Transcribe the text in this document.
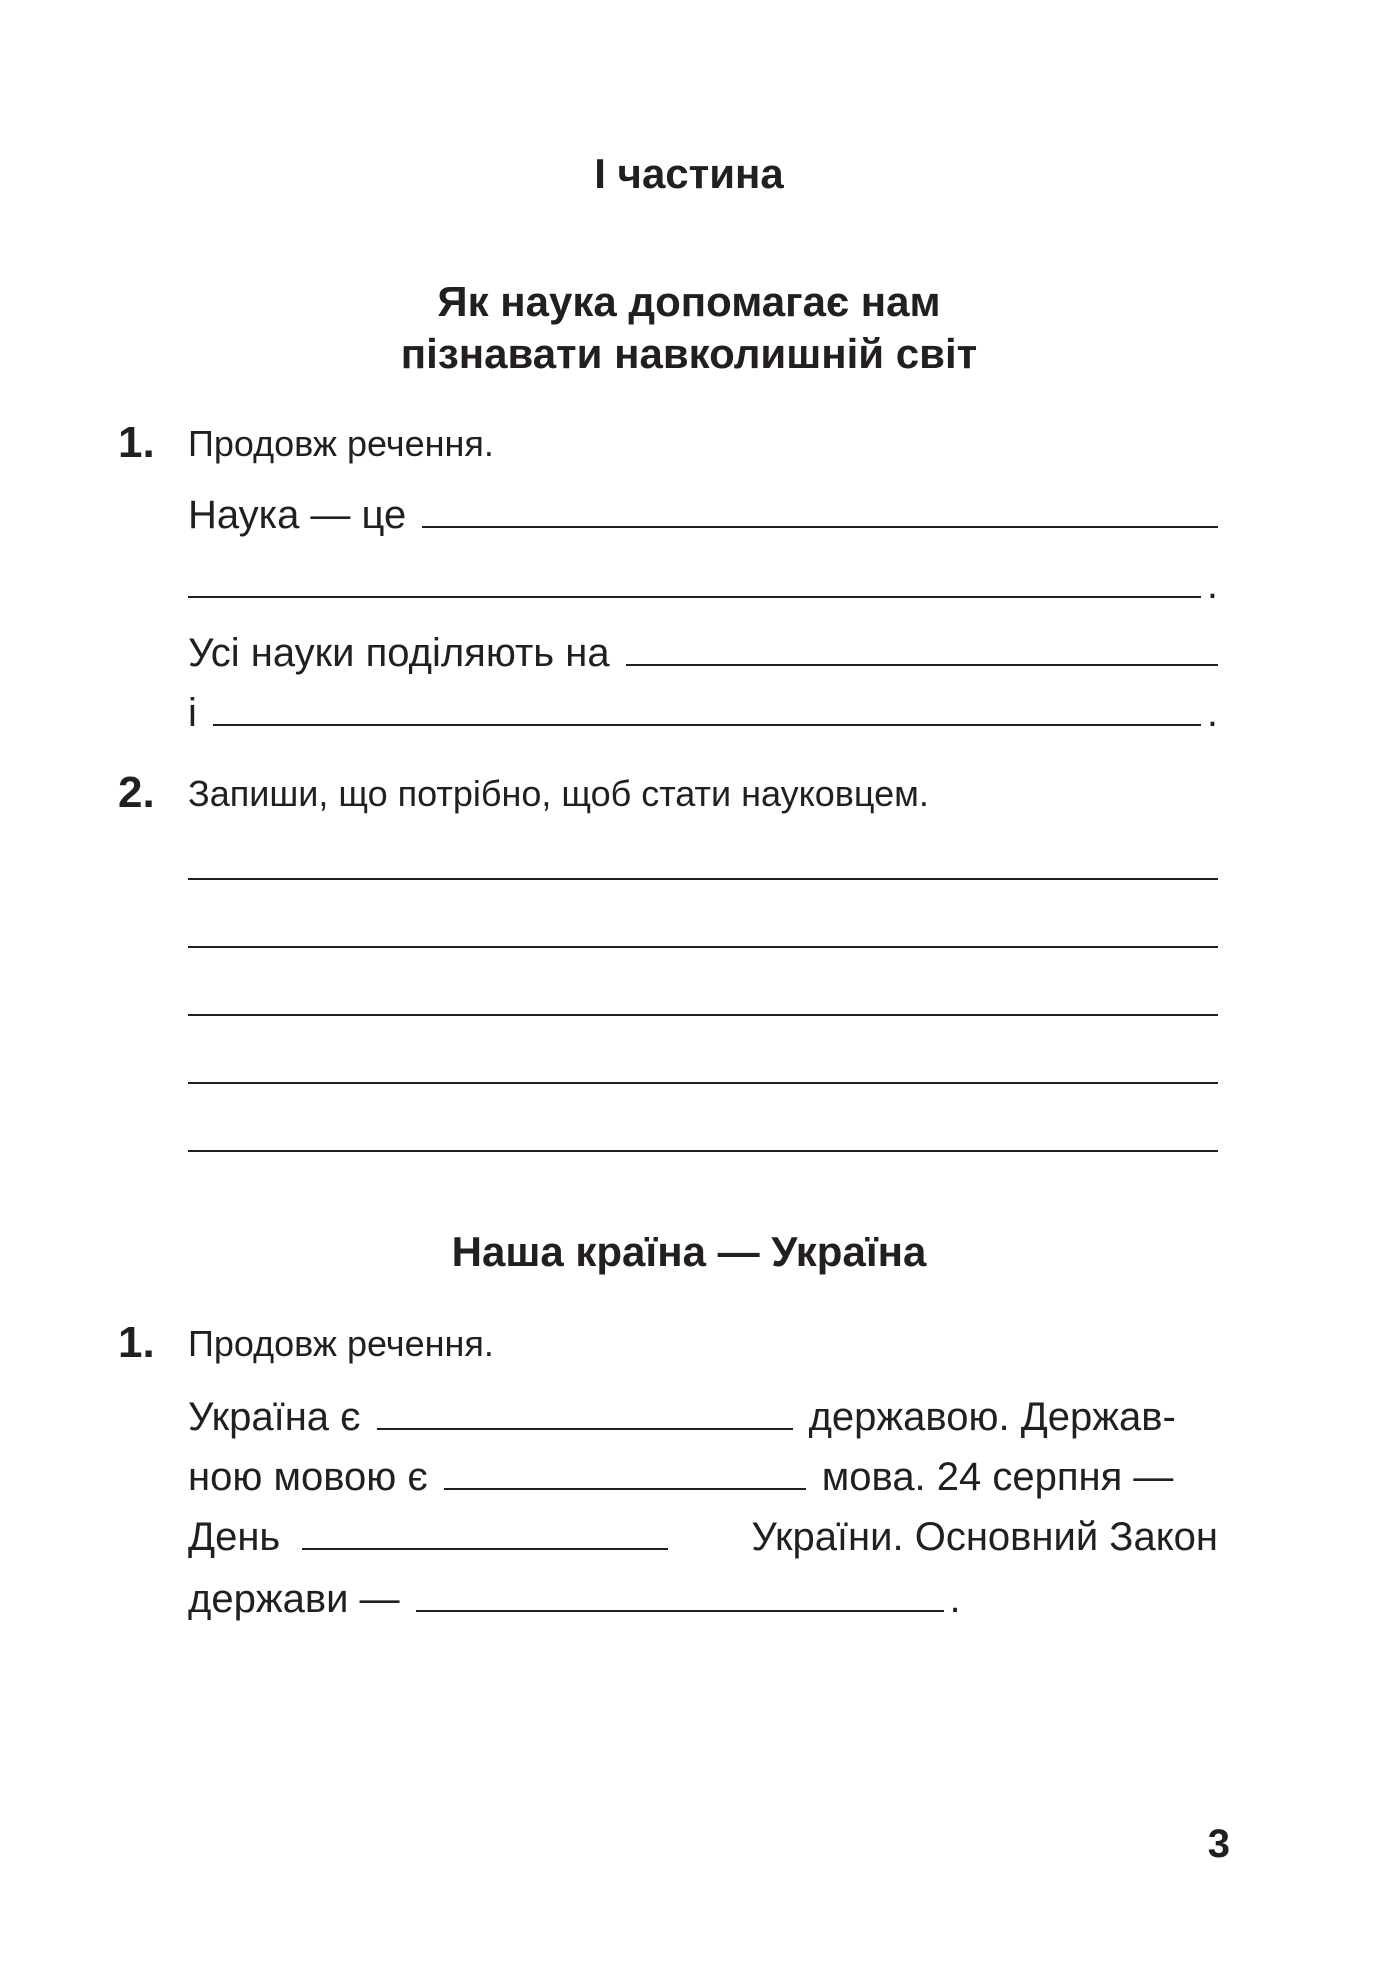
І частина
Як наука допомагає нам
пізнавати навколишній світ
1. Продовж речення.
Наука — це
.
Усі науки поділяють на
і	.
2. Запиши, що потрібно, щоб стати науковцем.
Наша країна — Україна
1. Продовж речення.
Україна є	державою. Держав-
ною мовою є	мова. 24 серпня —
День	України. Основний Закон
держави —	.
3
